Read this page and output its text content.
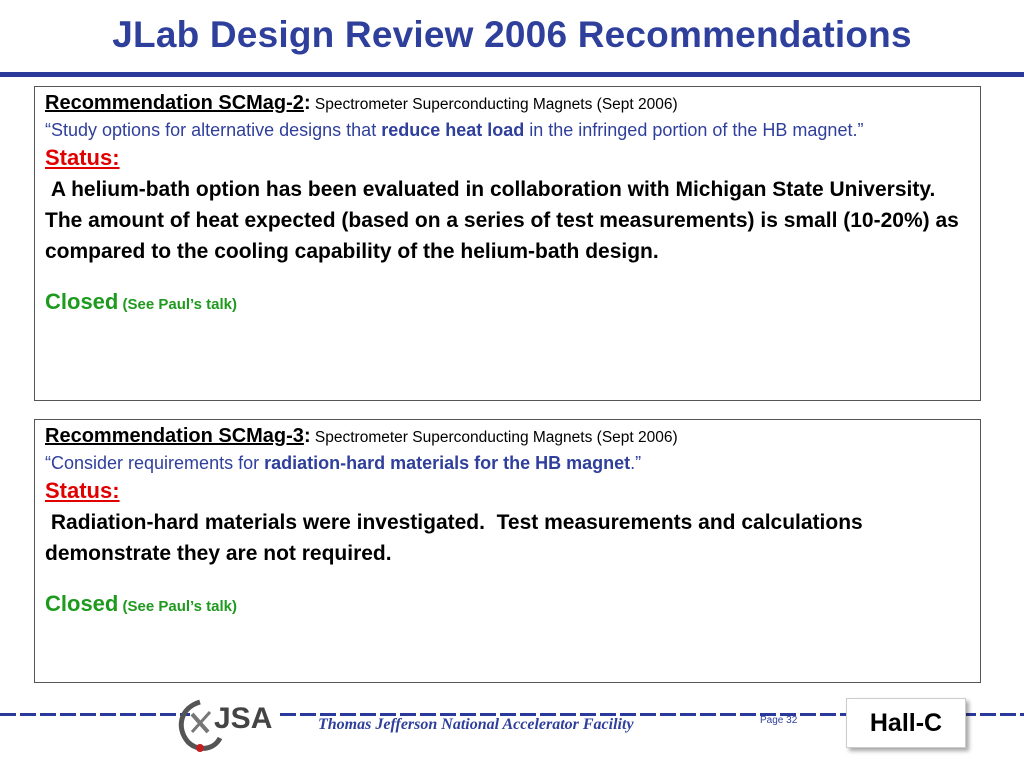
JLab Design Review 2006 Recommendations
Recommendation SCMag-2: Spectrometer Superconducting Magnets (Sept 2006)
“Study options for alternative designs that reduce heat load in the infringed portion of the HB magnet.”
Status:
A helium-bath option has been evaluated in collaboration with Michigan State University. The amount of heat expected (based on a series of test measurements) is small (10-20%) as compared to the cooling capability of the helium-bath design.
Closed (See Paul’s talk)
Recommendation SCMag-3: Spectrometer Superconducting Magnets (Sept 2006)
“Consider requirements for radiation-hard materials for the HB magnet.”
Status:
Radiation-hard materials were investigated.  Test measurements and calculations demonstrate they are not required.
Closed (See Paul’s talk)
JSA	Thomas Jefferson National Accelerator Facility	Page 32	Hall-C
